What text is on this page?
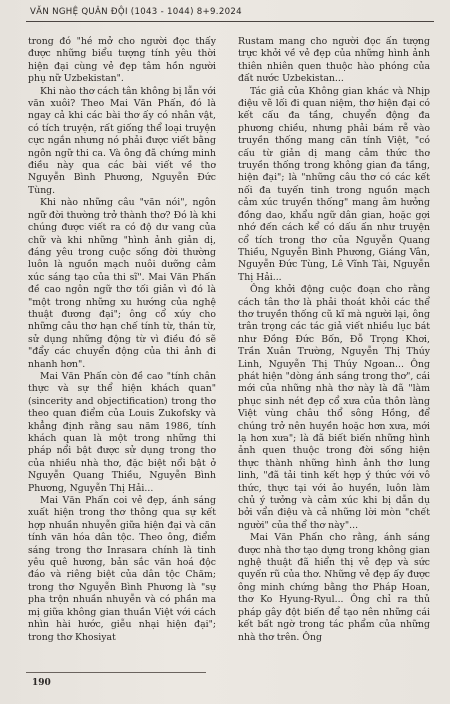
VĂN NGHỆ QUÂN ĐỘI (1043 - 1044) 8+9.2024

trong đó "hé mở cho người đọc thấy được những biểu tượng tính yêu thời hiện đại cùng vẻ đẹp tâm hồn người phụ nữ Uzbekistan".

Khi nào thơ cách tân không bị lẫn với văn xuôi? Theo Mai Văn Phấn, đó là ngay cả khi các bài thơ ấy có nhân vật, có tích truyện, rất giống thể loại truyện cực ngắn nhưng nó phải được viết bằng ngôn ngữ thi ca. Và ông đã chứng minh điều này qua các bài viết về thơ Nguyễn Bình Phương, Nguyễn Đức Tùng.

Khi nào những câu "văn nói", ngôn ngữ đời thường trở thành thơ? Đó là khi chúng được viết ra có độ dư vang của chữ và khi những "hình ảnh giản dị, đáng yêu trong cuộc sống đời thường luôn là nguồn mạch nuôi dưỡng cảm xúc sáng tạo của thi sĩ". Mai Văn Phấn đề cao ngôn ngữ thơ tối giản vì đó là "một trong những xu hướng của nghệ thuật đương đại"; ông cổ xúy cho những câu thơ hạn chế tính từ, thán từ, sử dụng những động từ vì điều đó sẽ "đẩy các chuyển động của thi ảnh đi nhanh hơn".

Mai Văn Phấn còn đề cao "tính chân thực và sự thể hiện khách quan" (sincerity and objectification) trong thơ theo quan điểm của Louis Zukofsky và khẳng định rằng sau năm 1986, tính khách quan là một trong những thi pháp nổi bật được sử dụng trong thơ của nhiều nhà thơ, đặc biệt nổi bật ở Nguyễn Quang Thiều, Nguyễn Bình Phương, Nguyễn Thị Hải...

Mai Văn Phấn coi vẻ đẹp, ánh sáng xuất hiện trong thơ thông qua sự kết hợp nhuần nhuyễn giữa hiện đại và căn tính văn hóa dân tộc. Theo ông, điểm sáng trong thơ Inrasara chính là tinh yêu quê hương, bản sắc văn hoá độc đáo và riêng biệt của dân tộc Chăm; trong thơ Nguyễn Bình Phương là "sự pha trộn nhuần nhuyễn và có phần ma mị giữa không gian thuần Việt với cách nhìn hài hước, giễu nhại hiện đại"; trong thơ Khosiyat

Rustam mang cho người đọc ấn tượng trực khởi về vẻ đẹp của những hình ảnh thiên nhiên quen thuộc hào phóng của đất nước Uzbekistan...

Tác giả của Không gian khác và Nhịp điệu vẽ lối đi quan niệm, thơ hiện đại có kết cấu đa tầng, chuyển động đa phương chiều, nhưng phải bám rễ vào truyền thống mang căn tính Việt, "có cấu từ giản dị mang cảm thức thơ truyền thống trong không gian đa tầng, hiện đại"; là "những câu thơ có các kết nối đa tuyến tinh trong nguồn mạch cảm xúc truyền thống" mang âm hưởng đồng dao, khẩu ngữ dân gian, hoặc gợi nhớ đến cách kể có dấu ấn như truyện cổ tích trong thơ của Nguyễn Quang Thiều, Nguyễn Bình Phương, Giáng Vân, Nguyễn Đức Tùng, Lê Vĩnh Tài, Nguyễn Thị Hải...

Ông khởi động cuộc đoạn cho rằng cách tân thơ là phải thoát khỏi các thể thơ truyền thống cũ kĩ mà người lại, ông trân trọng các tác giả viết nhiều lục bát như Đồng Đức Bốn, Đỗ Trọng Khơi, Trần Xuân Trường, Nguyễn Thị Thúy Linh, Nguyễn Thị Thúy Ngoan... Ông phát hiện "dòng ánh sáng trong thơ", cái mới của những nhà thơ này là đã "làm phục sinh nét đẹp cổ xưa của thôn làng Việt vùng châu thổ sông Hồng, để chúng trở nên huyền hoặc hơn xưa, mới lạ hơn xưa"; là đã biết biến những hình ảnh quen thuộc trong đời sống hiện thực thành những hình ảnh thơ lung linh, "đã tải tinh kết hợp ý thức với vô thức, thực tại với ảo huyền, luôn làm chủ ý tưởng và cảm xúc khi bị dẫn dụ bởi vẩn điệu và cả những lời mòn "chết người" của thể thơ này"...

Mai Văn Phấn cho rằng, ánh sáng được nhà thơ tạo dựng trong không gian nghệ thuật đã hiển thị vẻ đẹp và sức quyến rũ của thơ. Những vẻ đẹp ấy được ông minh chứng bằng thơ Pháp Hoan, thơ Ko Hyung-Ryul... Ông chỉ ra thủ pháp gây đột biến để tạo nên những cái kết bất ngờ trong tác phẩm của những nhà thơ trên. Ông

190
